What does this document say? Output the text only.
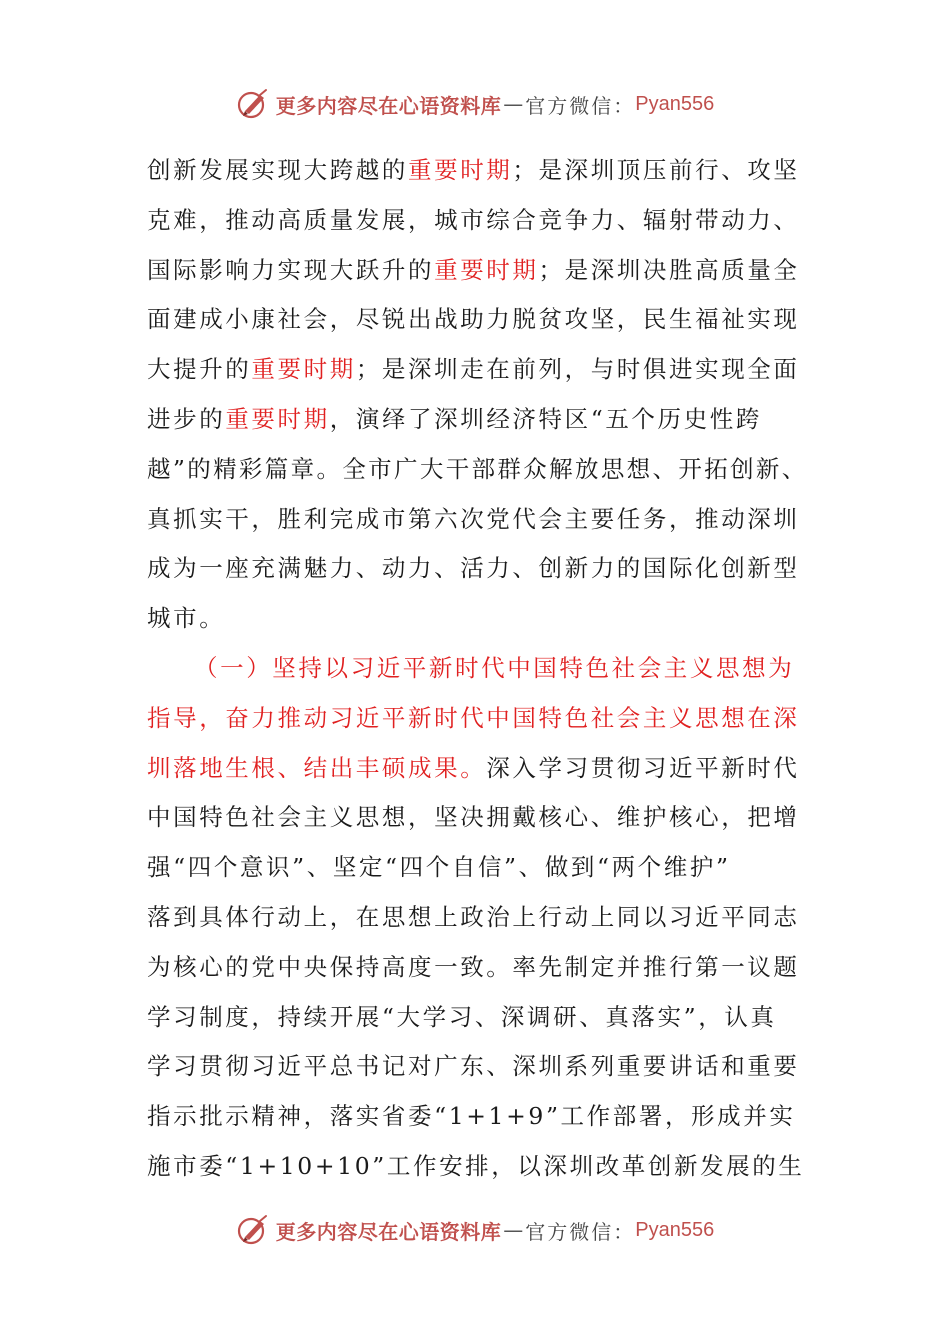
更多内容尽在心语资料库 — 官方微信： Pyan556
创新发展实现大跨越的重要时期；是深圳顶压前行、攻坚
克难，推动高质量发展，城市综合竞争力、辐射带动力、
国际影响力实现大跃升的重要时期；是深圳决胜高质量全
面建成小康社会，尽锐出战助力脱贫攻坚，民生福祉实现
大提升的重要时期；是深圳走在前列，与时俱进实现全面
进步的重要时期，演绎了深圳经济特区“五个历史性跨
越”的精彩篇章。全市广大干部群众解放思想、开拓创新、
真抓实干，胜利完成市第六次党代会主要任务，推动深圳
成为一座充满魅力、动力、活力、创新力的国际化创新型
城市。
（一）坚持以习近平新时代中国特色社会主义思想为
指导，奋力推动习近平新时代中国特色社会主义思想在深
圳落地生根、结出丰硕成果。深入学习贯彻习近平新时代
中国特色社会主义思想，坚决拥戴核心、维护核心，把增
强“四个意识”、坚定“四个自信”、做到“两个维护”
落到具体行动上，在思想上政治上行动上同以习近平同志
为核心的党中央保持高度一致。率先制定并推行第一议题
学习制度，持续开展“大学习、深调研、真落实”，认真
学习贯彻习近平总书记对广东、深圳系列重要讲话和重要
指示批示精神，落实省委“1+1+9”工作部署，形成并实
施市委“1+10+10”工作安排，以深圳改革创新发展的生
更多内容尽在心语资料库 — 官方微信： Pyan556
